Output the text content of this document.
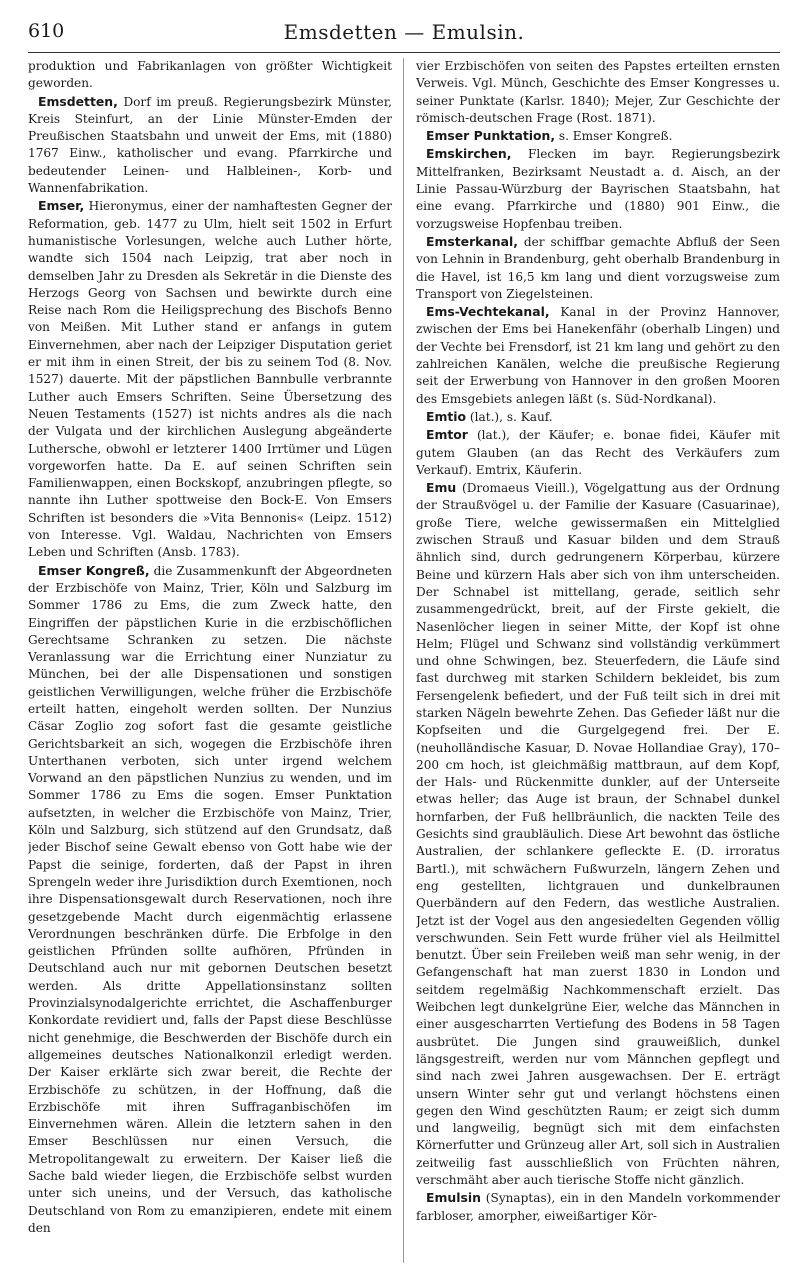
610	Emsdetten — Emulsin.

produktion und Fabrikanlagen von größter Wichtigkeit geworden.

Emsdetten, Dorf im preuß. Regierungsbezirk Münster, Kreis Steinfurt, an der Linie Münster-Emden der Preußischen Staatsbahn und unweit der Ems, mit (1880) 1767 Einw., katholischer und evang. Pfarrkirche und bedeutender Leinen- und Halbleinen-, Korb- und Wannenfabrikation.

Emser, Hieronymus, einer der namhaftesten Gegner der Reformation, geb. 1477 zu Ulm, hielt seit 1502 in Erfurt humanistische Vorlesungen, welche auch Luther hörte, wandte sich 1504 nach Leipzig, trat aber noch in demselben Jahr zu Dresden als Sekretär in die Dienste des Herzogs Georg von Sachsen und bewirkte durch eine Reise nach Rom die Heiligsprechung des Bischofs Benno von Meißen. Mit Luther stand er anfangs in gutem Einvernehmen, aber nach der Leipziger Disputation geriet er mit ihm in einen Streit, der bis zu seinem Tod (8. Nov. 1527) dauerte. Mit der päpstlichen Bannbulle verbrannte Luther auch Emsers Schriften. Seine Übersetzung des Neuen Testaments (1527) ist nichts andres als die nach der Vulgata und der kirchlichen Auslegung abgeänderte Luthersche, obwohl er letzterer 1400 Irrtümer und Lügen vorgeworfen hatte. Da E. auf seinen Schriften sein Familienwappen, einen Bockskopf, anzubringen pflegte, so nannte ihn Luther spottweise den Bock-E. Von Emsers Schriften ist besonders die »Vita Bennonis« (Leipz. 1512) von Interesse. Vgl. Waldau, Nachrichten von Emsers Leben und Schriften (Ansb. 1783).

Emser Kongreß, die Zusammenkunft der Abgeordneten der Erzbischöfe von Mainz, Trier, Köln und Salzburg im Sommer 1786 zu Ems, die zum Zweck hatte, den Eingriffen der päpstlichen Kurie in die erzbischöflichen Gerechtsame Schranken zu setzen. Die nächste Veranlassung war die Errichtung einer Nunziatur zu München, bei der alle Dispensationen und sonstigen geistlichen Verwilligungen, welche früher die Erzbischöfe erteilt hatten, eingeholt werden sollten. Der Nunzius Cäsar Zoglio zog sofort fast die gesamte geistliche Gerichtsbarkeit an sich, wogegen die Erzbischöfe ihren Unterthanen verboten, sich unter irgend welchem Vorwand an den päpstlichen Nunzius zu wenden, und im Sommer 1786 zu Ems die sogen. Emser Punktation aufsetzten, in welcher die Erzbischöfe von Mainz, Trier, Köln und Salzburg, sich stützend auf den Grundsatz, daß jeder Bischof seine Gewalt ebenso von Gott habe wie der Papst die seinige, forderten, daß der Papst in ihren Sprengeln weder ihre Jurisdiktion durch Exemtionen, noch ihre Dispensationsgewalt durch Reservationen, noch ihre gesetzgebende Macht durch eigenmächtig erlassene Verordnungen beschränken dürfe. Die Erbfolge in den geistlichen Pfründen sollte aufhören, Pfründen in Deutschland auch nur mit gebornen Deutschen besetzt werden. Als dritte Appellationsinstanz sollten Provinzialsynodalgerichte errichtet, die Aschaffenburger Konkordate revidiert und, falls der Papst diese Beschlüsse nicht genehmige, die Beschwerden der Bischöfe durch ein allgemeines deutsches Nationalkonzil erledigt werden. Der Kaiser erklärte sich zwar bereit, die Rechte der Erzbischöfe zu schützen, in der Hoffnung, daß die Erzbischöfe mit ihren Suffraganbischöfen im Einvernehmen wären. Allein die letztern sahen in den Emser Beschlüssen nur einen Versuch, die Metropolitangewalt zu erweitern. Der Kaiser ließ die Sache bald wieder liegen, die Erzbischöfe selbst wurden unter sich uneins, und der Versuch, das katholische Deutschland von Rom zu emanzipieren, endete mit einem den

vier Erzbischöfen von seiten des Papstes erteilten ernsten Verweis. Vgl. Münch, Geschichte des Emser Kongresses u. seiner Punktate (Karlsr. 1840); Mejer, Zur Geschichte der römisch-deutschen Frage (Rost. 1871).

Emser Punktation, s. Emser Kongreß.

Emskirchen, Flecken im bayr. Regierungsbezirk Mittelfranken, Bezirksamt Neustadt a. d. Aisch, an der Linie Passau-Würzburg der Bayrischen Staatsbahn, hat eine evang. Pfarrkirche und (1880) 901 Einw., die vorzugsweise Hopfenbau treiben.

Emsterkanal, der schiffbar gemachte Abfluß der Seen von Lehnin in Brandenburg, geht oberhalb Brandenburg in die Havel, ist 16,5 km lang und dient vorzugsweise zum Transport von Ziegelsteinen.

Ems-Vechtekanal, Kanal in der Provinz Hannover, zwischen der Ems bei Hanekenfähr (oberhalb Lingen) und der Vechte bei Frensdorf, ist 21 km lang und gehört zu den zahlreichen Kanälen, welche die preußische Regierung seit der Erwerbung von Hannover in den großen Mooren des Emsgebiets anlegen läßt (s. Süd-Nordkanal).

Emtio (lat.), s. Kauf.

Emtor (lat.), der Käufer; e. bonae fidei, Käufer mit gutem Glauben (an das Recht des Verkäufers zum Verkauf). Emtrix, Käuferin.

Emu (Dromaeus Vieill.), Vögelgattung aus der Ordnung der Straußvögel u. der Familie der Kasuare (Casuarinae), große Tiere, welche gewissermaßen ein Mittelglied zwischen Strauß und Kasuar bilden und dem Strauß ähnlich sind, durch gedrungenern Körperbau, kürzere Beine und kürzern Hals aber sich von ihm unterscheiden. Der Schnabel ist mittellang, gerade, seitlich sehr zusammengedrückt, breit, auf der Firste gekielt, die Nasenlöcher liegen in seiner Mitte, der Kopf ist ohne Helm; Flügel und Schwanz sind vollständig verkümmert und ohne Schwingen, bez. Steuerfedern, die Läufe sind fast durchweg mit starken Schildern bekleidet, bis zum Fersengelenk befiedert, und der Fuß teilt sich in drei mit starken Nägeln bewehrte Zehen. Das Gefieder läßt nur die Kopfseiten und die Gurgelgegend frei. Der E. (neuholländische Kasuar, D. Novae Hollandiae Gray), 170–200 cm hoch, ist gleichmäßig mattbraun, auf dem Kopf, der Hals- und Rückenmitte dunkler, auf der Unterseite etwas heller; das Auge ist braun, der Schnabel dunkel hornfarben, der Fuß hellbräunlich, die nackten Teile des Gesichts sind graubläulich. Diese Art bewohnt das östliche Australien, der schlankere gefleckte E. (D. irroratus Bartl.), mit schwächern Fußwurzeln, längern Zehen und eng gestellten, lichtgrauen und dunkelbraunen Querbändern auf den Federn, das westliche Australien. Jetzt ist der Vogel aus den angesiedelten Gegenden völlig verschwunden. Sein Fett wurde früher viel als Heilmittel benutzt. Über sein Freileben weiß man sehr wenig, in der Gefangenschaft hat man zuerst 1830 in London und seitdem regelmäßig Nachkommenschaft erzielt. Das Weibchen legt dunkelgrüne Eier, welche das Männchen in einer ausgescharrten Vertiefung des Bodens in 58 Tagen ausbrütet. Die Jungen sind grauweißlich, dunkel längsgestreift, werden nur vom Männchen gepflegt und sind nach zwei Jahren ausgewachsen. Der E. erträgt unsern Winter sehr gut und verlangt höchstens einen gegen den Wind geschützten Raum; er zeigt sich dumm und langweilig, begnügt sich mit dem einfachsten Körnerfutter und Grünzeug aller Art, soll sich in Australien zeitweilig fast ausschließlich von Früchten nähren, verschmäht aber auch tierische Stoffe nicht gänzlich.

Emulsin (Synaptas), ein in den Mandeln vorkommender farbloser, amorpher, eiweißartiger Kör-
